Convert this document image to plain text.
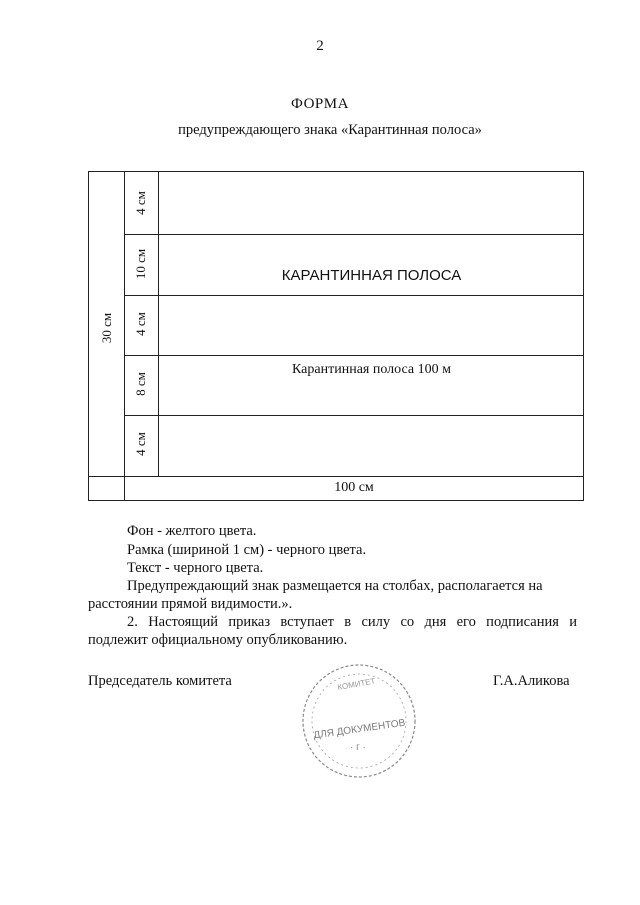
2
ФОРМА
предупреждающего знака «Карантинная полоса»
30 см
4 см
10 см
4 см
8 см
4 см
КАРАНТИННАЯ ПОЛОСА
Карантинная полоса 100 м
100 см
Фон - желтого цвета.
Рамка (шириной 1 см) - черного цвета.
Текст - черного цвета.
Предупреждающий знак размещается на столбах, располагается на
расстоянии прямой видимости.».
2. Настоящий приказ вступает в силу со дня его подписания и
подлежит официальному опубликованию.
Председатель комитета	Г.А.Аликова
КОМИТЕТ
ДЛЯ ДОКУМЕНТОВ
· г ·
